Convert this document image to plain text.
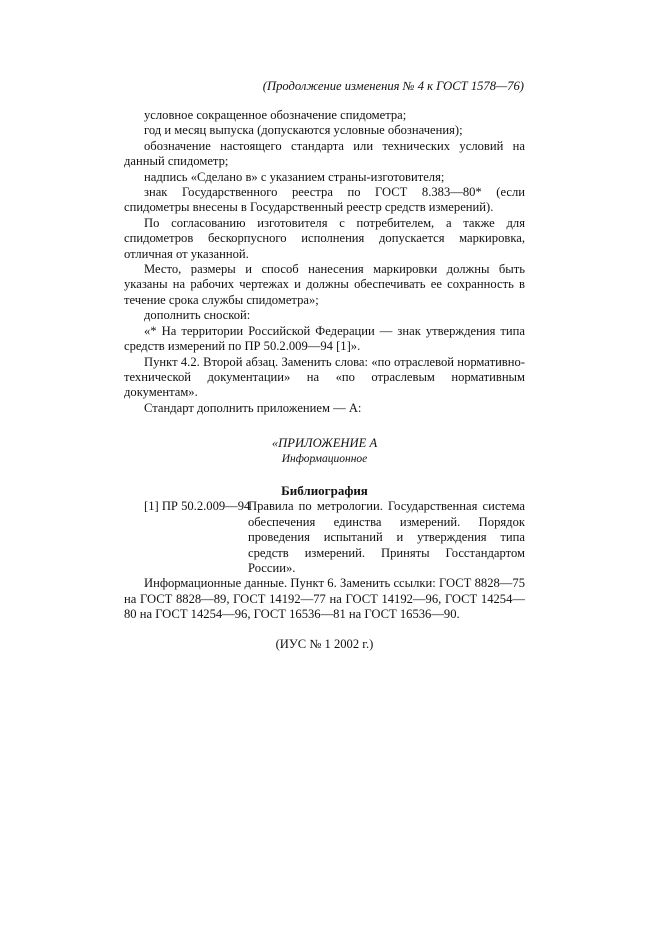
(Продолжение изменения № 4 к ГОСТ 1578—76)

условное сокращенное обозначение спидометра;

год и месяц выпуска (допускаются условные обозначения);

обозначение настоящего стандарта или технических условий на данный спидометр;

надпись «Сделано в» с указанием страны-изготовителя;

знак Государственного реестра по ГОСТ 8.383—80* (если спидометры внесены в Государственный реестр средств измерений).

По согласованию изготовителя с потребителем, а также для спидометров бескорпусного исполнения допускается маркировка, отличная от указанной.

Место, размеры и способ нанесения маркировки должны быть указаны на рабочих чертежах и должны обеспечивать ее сохранность в течение срока службы спидометра»;

дополнить сноской:

«* На территории Российской Федерации — знак утверждения типа средств измерений по ПР 50.2.009—94 [1]».

Пункт 4.2. Второй абзац. Заменить слова: «по отраслевой нормативно-технической документации» на «по отраслевым нормативным документам».

Стандарт дополнить приложением — А:

«ПРИЛОЖЕНИЕ А
Информационное
Библиография
[1] ПР 50.2.009—94
Правила по метрологии. Государственная система обеспечения единства измерений. Порядок проведения испытаний и утверждения типа средств измерений. Приняты Госстандартом России».

Информационные данные. Пункт 6. Заменить ссылки: ГОСТ 8828—75 на ГОСТ 8828—89, ГОСТ 14192—77 на ГОСТ 14192—96, ГОСТ 14254—80 на ГОСТ 14254—96, ГОСТ 16536—81 на ГОСТ 16536—90.

(ИУС № 1 2002 г.)
